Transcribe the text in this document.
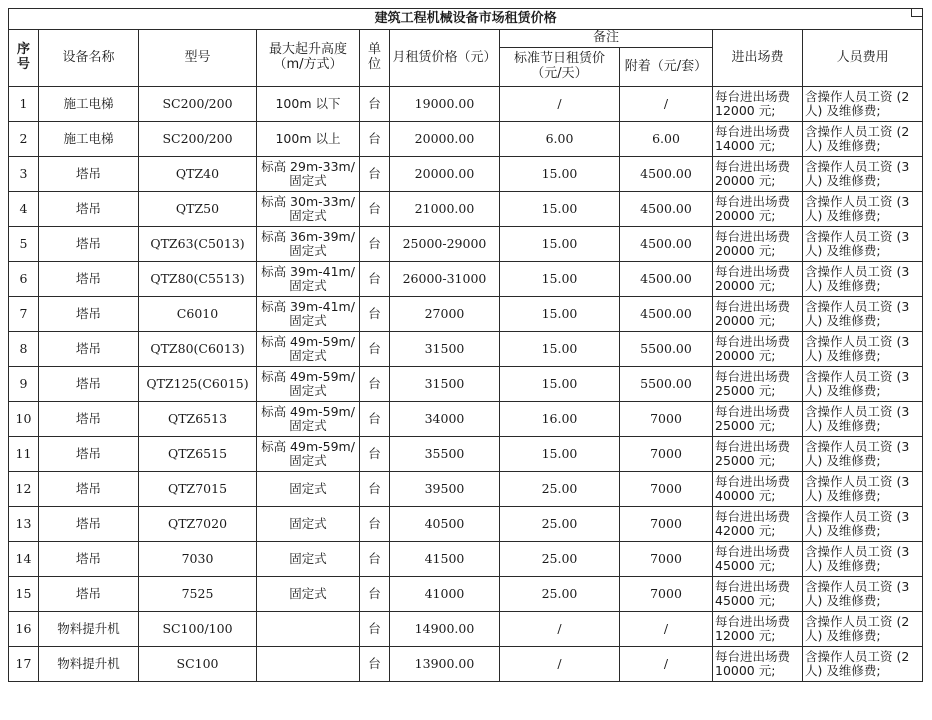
建筑工程机械设备市场租赁价格									
序号	设备名称	型号	最大起升高度（m/方式）	单位	月租赁价格（元）	备注		进出场费	人员费用
						标准节日租赁价（元/天）	附着（元/套）		
1	施工电梯	SC200/200	100m 以下	台	19000.00	/	/	每台进出场费 12000 元;	含操作人员工资 (2 人) 及维修费;
2	施工电梯	SC200/200	100m 以上	台	20000.00	6.00	6.00	每台进出场费 14000 元;	含操作人员工资 (2 人) 及维修费;
3	塔吊	QTZ40	标高 29m-33m/ 固定式	台	20000.00	15.00	4500.00	每台进出场费 20000 元;	含操作人员工资 (3 人) 及维修费;
4	塔吊	QTZ50	标高 30m-33m/ 固定式	台	21000.00	15.00	4500.00	每台进出场费 20000 元;	含操作人员工资 (3 人) 及维修费;
5	塔吊	QTZ63(C5013)	标高 36m-39m/ 固定式	台	25000-29000	15.00	4500.00	每台进出场费 20000 元;	含操作人员工资 (3 人) 及维修费;
6	塔吊	QTZ80(C5513)	标高 39m-41m/ 固定式	台	26000-31000	15.00	4500.00	每台进出场费 20000 元;	含操作人员工资 (3 人) 及维修费;
7	塔吊	C6010	标高 39m-41m/ 固定式	台	27000	15.00	4500.00	每台进出场费 20000 元;	含操作人员工资 (3 人) 及维修费;
8	塔吊	QTZ80(C6013)	标高 49m-59m/ 固定式	台	31500	15.00	5500.00	每台进出场费 20000 元;	含操作人员工资 (3 人) 及维修费;
9	塔吊	QTZ125(C6015)	标高 49m-59m/ 固定式	台	31500	15.00	5500.00	每台进出场费 25000 元;	含操作人员工资 (3 人) 及维修费;
10	塔吊	QTZ6513	标高 49m-59m/ 固定式	台	34000	16.00	7000	每台进出场费 25000 元;	含操作人员工资 (3 人) 及维修费;
11	塔吊	QTZ6515	标高 49m-59m/ 固定式	台	35500	15.00	7000	每台进出场费 25000 元;	含操作人员工资 (3 人) 及维修费;
12	塔吊	QTZ7015	固定式	台	39500	25.00	7000	每台进出场费 40000 元;	含操作人员工资 (3 人) 及维修费;
13	塔吊	QTZ7020	固定式	台	40500	25.00	7000	每台进出场费 42000 元;	含操作人员工资 (3 人) 及维修费;
14	塔吊	7030	固定式	台	41500	25.00	7000	每台进出场费 45000 元;	含操作人员工资 (3 人) 及维修费;
15	塔吊	7525	固定式	台	41000	25.00	7000	每台进出场费 45000 元;	含操作人员工资 (3 人) 及维修费;
16	物料提升机	SC100/100		台	14900.00	/	/	每台进出场费 12000 元;	含操作人员工资 (2 人) 及维修费;
17	物料提升机	SC100		台	13900.00	/	/	每台进出场费 10000 元;	含操作人员工资 (2 人) 及维修费;
